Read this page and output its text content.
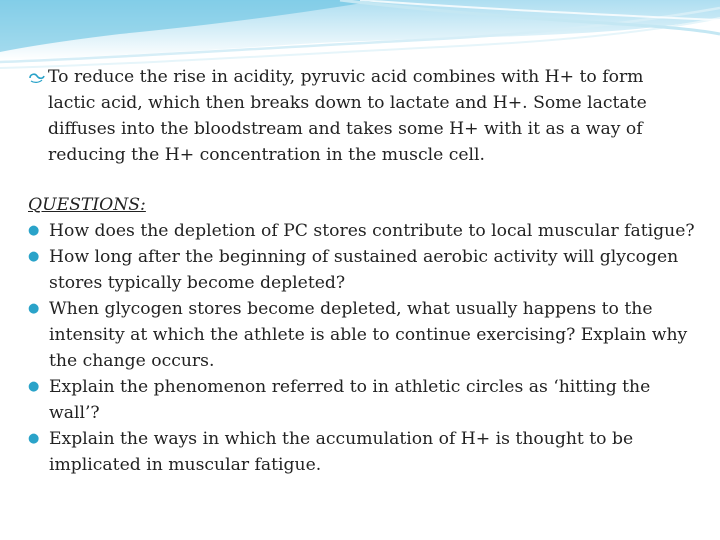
To reduce the rise in acidity, pyruvic acid combines with H+ to form lactic acid, which then breaks down to lactate and H+. Some lactate diffuses into the bloodstream and takes some H+ with it as a way of reducing the H+ concentration in the muscle cell.
QUESTIONS:
● How does the depletion of PC stores contribute to local muscular fatigue?
● How long after the beginning of sustained aerobic activity will glycogen stores typically become depleted?
● When glycogen stores become depleted, what usually happens to the intensity at which the athlete is able to continue exercising? Explain why the change occurs.
● Explain the phenomenon referred to in athletic circles as ‘hitting the wall’?
● Explain the ways in which the accumulation of H+ is thought to be implicated in muscular fatigue.
